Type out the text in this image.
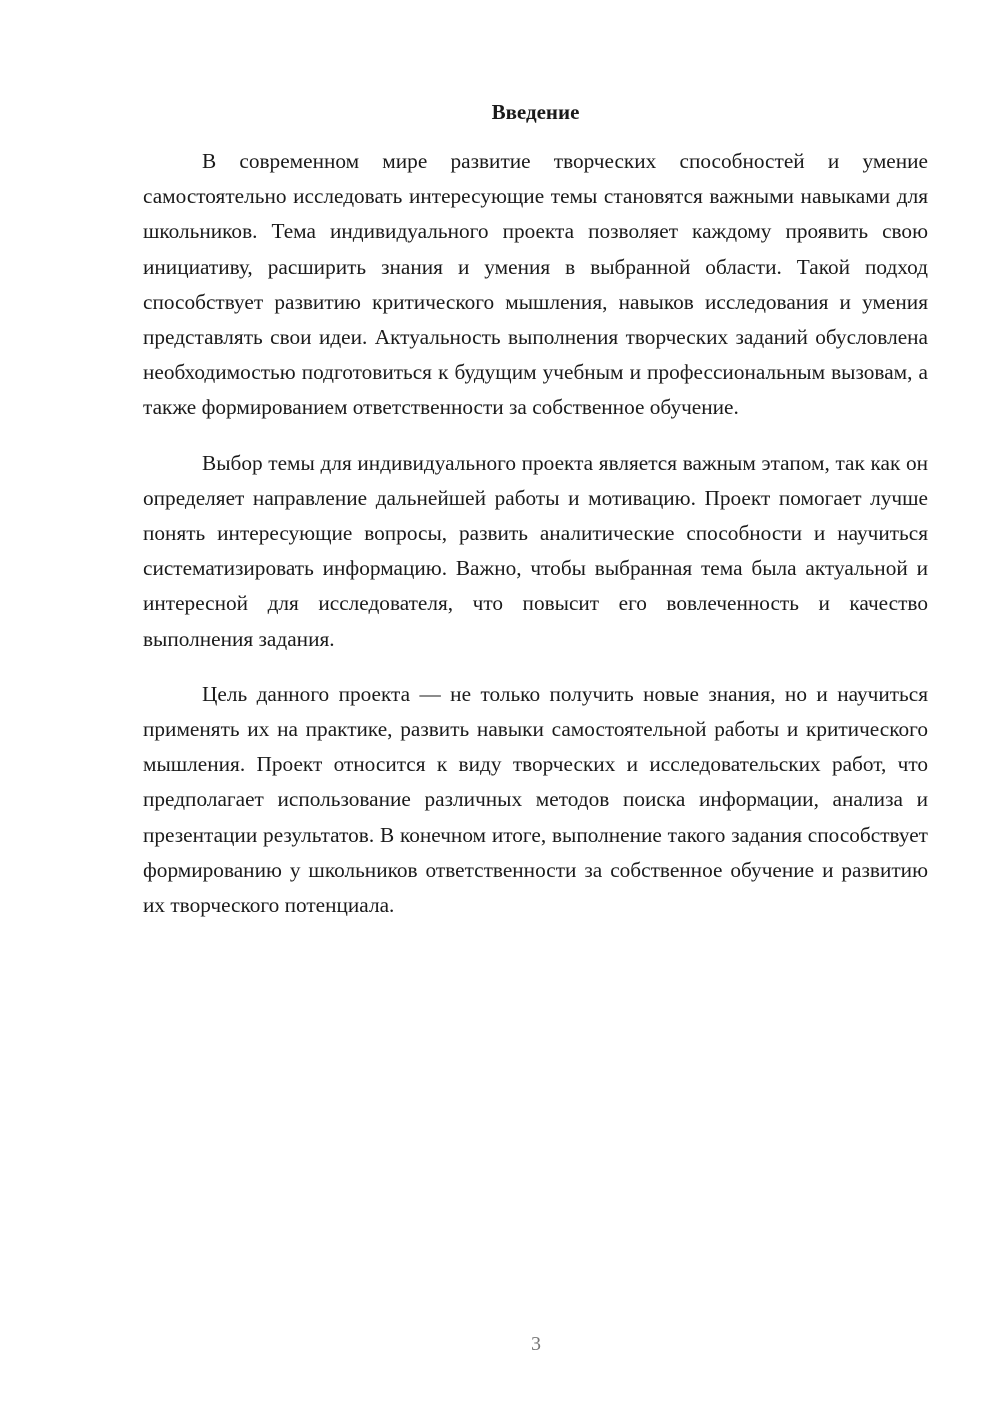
Введение

В современном мире развитие творческих способностей и умение самостоятельно исследовать интересующие темы становятся важными навыками для школьников. Тема индивидуального проекта позволяет каждому проявить свою инициативу, расширить знания и умения в выбранной области. Такой подход способствует развитию критического мышления, навыков исследования и умения представлять свои идеи. Актуальность выполнения творческих заданий обусловлена необходимостью подготовиться к будущим учебным и профессиональным вызовам, а также формированием ответственности за собственное обучение.

Выбор темы для индивидуального проекта является важным этапом, так как он определяет направление дальнейшей работы и мотивацию. Проект помогает лучше понять интересующие вопросы, развить аналитические способности и научиться систематизировать информацию. Важно, чтобы выбранная тема была актуальной и интересной для исследователя, что повысит его вовлеченность и качество выполнения задания.

Цель данного проекта — не только получить новые знания, но и научиться применять их на практике, развить навыки самостоятельной работы и критического мышления. Проект относится к виду творческих и исследовательских работ, что предполагает использование различных методов поиска информации, анализа и презентации результатов. В конечном итоге, выполнение такого задания способствует формированию у школьников ответственности за собственное обучение и развитию их творческого потенциала.

3
